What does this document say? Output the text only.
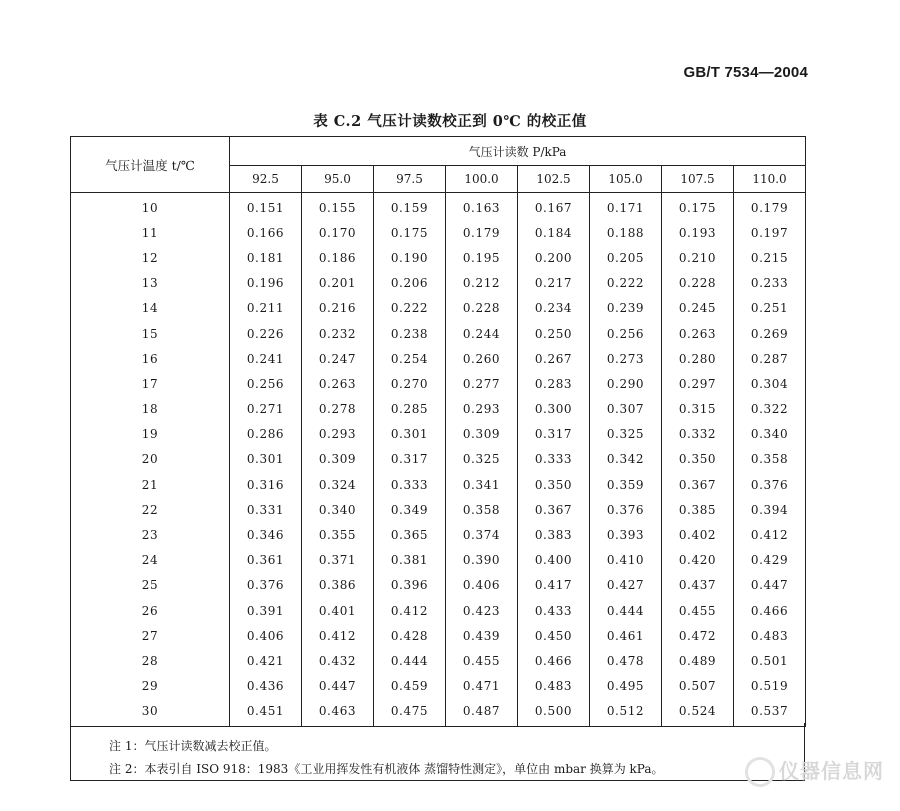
GB/T 7534—2004
表 C.2 气压计读数校正到 0℃ 的校正值
气压计温度 t/℃	气压计读数 P/kPa							
	92.5	95.0	97.5	100.0	102.5	105.0	107.5	110.0
10	0.151	0.155	0.159	0.163	0.167	0.171	0.175	0.179
11	0.166	0.170	0.175	0.179	0.184	0.188	0.193	0.197
12	0.181	0.186	0.190	0.195	0.200	0.205	0.210	0.215
13	0.196	0.201	0.206	0.212	0.217	0.222	0.228	0.233
14	0.211	0.216	0.222	0.228	0.234	0.239	0.245	0.251
15	0.226	0.232	0.238	0.244	0.250	0.256	0.263	0.269
16	0.241	0.247	0.254	0.260	0.267	0.273	0.280	0.287
17	0.256	0.263	0.270	0.277	0.283	0.290	0.297	0.304
18	0.271	0.278	0.285	0.293	0.300	0.307	0.315	0.322
19	0.286	0.293	0.301	0.309	0.317	0.325	0.332	0.340
20	0.301	0.309	0.317	0.325	0.333	0.342	0.350	0.358
21	0.316	0.324	0.333	0.341	0.350	0.359	0.367	0.376
22	0.331	0.340	0.349	0.358	0.367	0.376	0.385	0.394
23	0.346	0.355	0.365	0.374	0.383	0.393	0.402	0.412
24	0.361	0.371	0.381	0.390	0.400	0.410	0.420	0.429
25	0.376	0.386	0.396	0.406	0.417	0.427	0.437	0.447
26	0.391	0.401	0.412	0.423	0.433	0.444	0.455	0.466
27	0.406	0.412	0.428	0.439	0.450	0.461	0.472	0.483
28	0.421	0.432	0.444	0.455	0.466	0.478	0.489	0.501
29	0.436	0.447	0.459	0.471	0.483	0.495	0.507	0.519
30	0.451	0.463	0.475	0.487	0.500	0.512	0.524	0.537
注 1：气压计读数减去校正值。
注 2：本表引自 ISO 918：1983《工业用挥发性有机液体 蒸馏特性测定》，单位由 mbar 换算为 kPa。	仪器信息网
